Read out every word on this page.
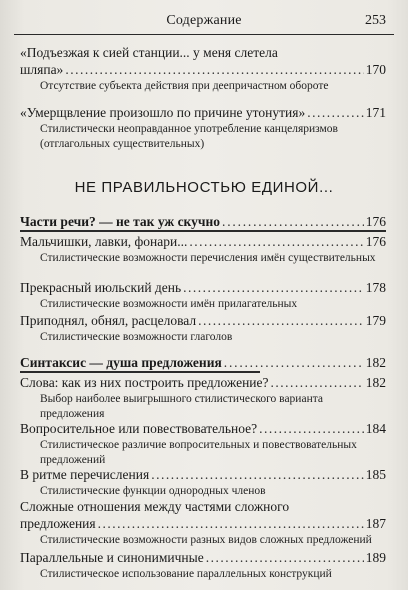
Содержание	253
«Подъезжая к сией станции... у меня слетела
шляпа» .....	170
Отсутствие субъекта действия при деепричастном обороте
«Умерщвление произошло по причине утонутия» .....	171
Стилистически неоправданное употребление канцеляризмов (отглагольных существительных)
НЕ ПРАВИЛЬНОСТЬЮ ЕДИНОЙ...
Части речи? — не так уж скучно .....	176
Мальчишки, лавки, фонари... .....	176
Стилистические возможности перечисления имён существительных
Прекрасный июльский день .....	178
Стилистические возможности имён прилагательных
Приподнял, обнял, расцеловал .....	179
Стилистические возможности глаголов
Синтаксис — душа предложения .....	182
Слова: как из них построить предложение? .....	182
Выбор наиболее выигрышного стилистического варианта предложения
Вопросительное или повествовательное? .....	184
Стилистическое различие вопросительных и повествовательных предложений
В ритме перечисления .....	185
Стилистические функции однородных членов
Сложные отношения между частями сложного
предложения .....	187
Стилистические возможности разных видов сложных предложений
Параллельные и синонимичные .....	189
Стилистическое использование параллельных конструкций
